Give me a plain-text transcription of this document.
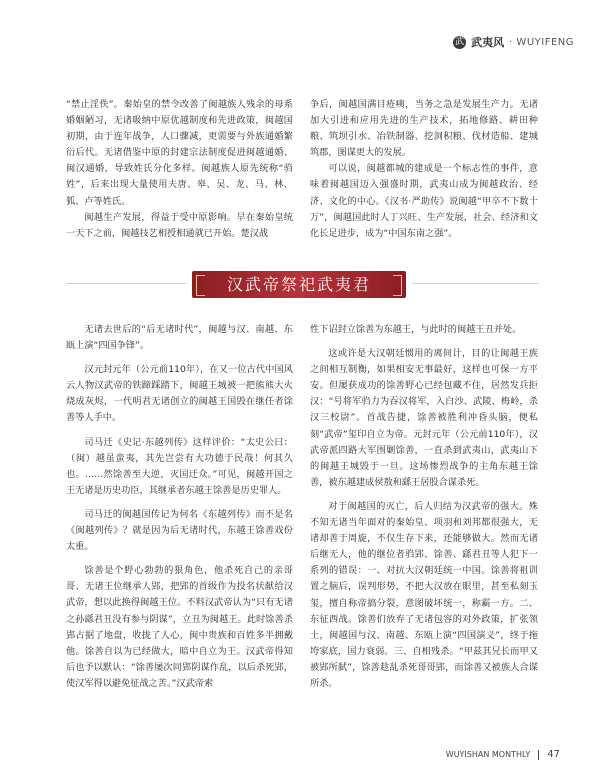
武 武夷风 · WUYIFENG

“禁止淫佚”。秦始皇的禁令改善了闽越族人残余的母系婚姻陋习，无诸吸纳中原优越制度和先进政策，闽越国初期，由于连年战争，人口骤减，更需要与外族通婚繁衍后代。无诸借鉴中原的封建宗法制度促进闽越通婚、闽汉通婚，导致姓氏分化多样。闽越族人原先统称“驺姓”，后来出现大量使用夫唐、皋、吴、龙、马、林、狐、卢等姓氏。

闽越生产发展，得益于受中原影响。早在秦始皇统一天下之前，闽越技艺相授相通就已开始。楚汉战

争后，闽越国满目疮痍，当务之急是发展生产力。无诸加大引进和应用先进的生产技术，拓地修路、耕田种粮、筑坝引水、冶铁制器、挖洞积粮、伐材造船、建城筑郡，图谋更大的发展。

可以说，闽越都城的建成是一个标志性的事件，意味着闽越国迈入强盛时期，武夷山成为闽越政治、经济、文化的中心。《汉书·严助传》说闽越“甲卒不下数十万”，闽越国此时人丁兴旺、生产发展，社会、经济和文化长足进步，成为“中国东南之强”。

汉武帝祭祀武夷君

无诸去世后的“后无诸时代”，闽越与汉、南越、东瓯上演“四国争锋”。

汉元封元年（公元前110年），在又一位古代中国风云人物汉武帝的铁蹄踩踏下，闽越王城被一把熊熊大火烧成灰烬，一代明君无诸创立的闽越王国毁在继任者馀善等人手中。

司马迁《史记·东越列传》这样评价：“太史公曰：（闽）越虽蛮夷，其先岂尝有大功德于民哉！何其久也。……然馀善至大逆，灭国迁众。”可见，闽越开国之王无诸是历史功臣，其继承者东越王馀善是历史罪人。

司马迁的闽越国传记为何名《东越列传》而不是名《闽越列传》？就是因为后无诸时代，东越王馀善戏份太重。

馀善是个野心勃勃的狠角色，他杀死自己的亲哥哥、无诸王位继承人郢，把郢的首级作为投名状献给汉武帝，想以此换得闽越王位。不料汉武帝认为“只有无诸之孙繇君丑没有参与阴谋”，立丑为闽越王。此时馀善杀郢占据了地盘，收拢了人心，闽中贵族和百姓多半拥戴他。馀善自以为已经做大，暗中自立为王。汉武帝得知后也予以默认：“馀善屡次同郢阴谋作乱，以后杀死郢，使汉军得以避免征战之苦。”汉武帝索

性下诏封立馀善为东越王，与此时的闽越王丑并处。

这或许是大汉朝廷惯用的离间计，目的让闽越王族之间相互制衡，如果相安无事最好，这样也可保一方平安。但屡获成功的馀善野心已经包藏不住，居然发兵拒汉：“号将军驺力为吞汉将军，入白沙、武陵、梅岭，杀汉三校尉”。首战告捷，馀善被胜利冲昏头脑，便私刻“武帝”玺印自立为帝。元封元年（公元前110年），汉武帝派四路大军围剿馀善，一直杀到武夷山，武夷山下的闽越王城毁于一旦。这场惨烈战争的主角东越王馀善，被东越建成侯敖和繇王居股合谋杀死。

对于闽越国的灭亡，后人归结为汉武帝的强大。殊不知无诸当年面对的秦始皇、项羽和刘邦都很强大，无诸却善于周旋，不仅生存下来，还能够做大。然而无诸后继无人，他的继位者驺郢、馀善、繇君丑等人犯下一系列的错误：一、对抗大汉朝廷统一中国。馀善将祖训置之脑后，误判形势，不把大汉放在眼里，甚至私刻玉玺，擅自称帝搞分裂，意图破坏统一，称霸一方。二、东征西战。馀善们放弃了无诸包容的对外政策，扩张领土，闽越国与汉、南越、东瓯上演“四国演义”，终于拖垮家底，国力衰弱。三、自相残杀。“甲兹其兄长而甲又被郢所弑”，馀善趁乱杀死哥哥郢，而馀善又被族人合谋所杀。

WUYISHAN MONTHLY 47
